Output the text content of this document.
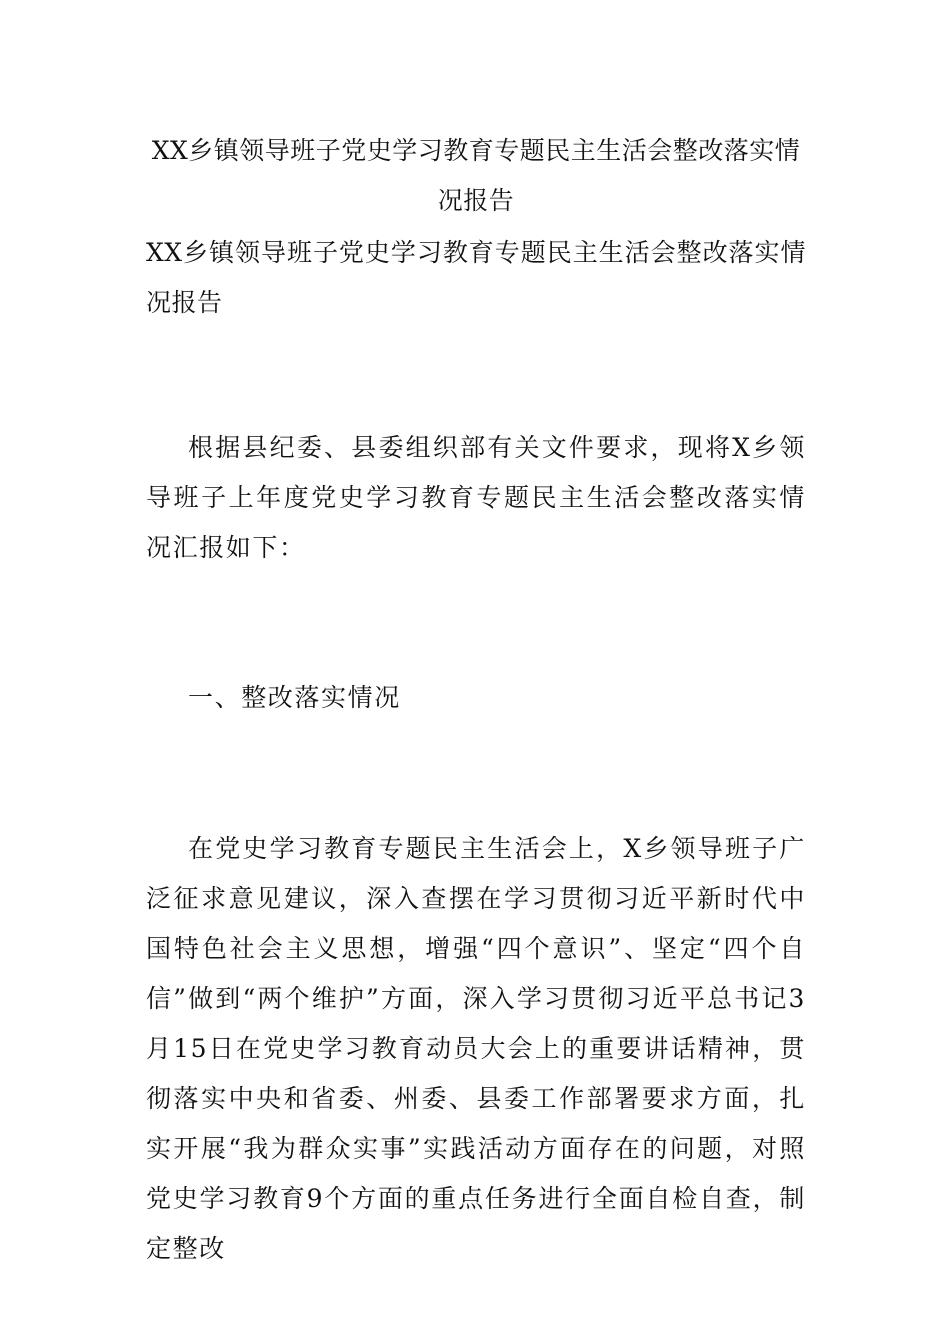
XX乡镇领导班子党史学习教育专题民主生活会整改落实情况报告
XX乡镇领导班子党史学习教育专题民主生活会整改落实情况报告
根据县纪委、县委组织部有关文件要求，现将X乡领导班子上年度党史学习教育专题民主生活会整改落实情况汇报如下：
一、整改落实情况
在党史学习教育专题民主生活会上，X乡领导班子广泛征求意见建议，深入查摆在学习贯彻习近平新时代中国特色社会主义思想，增强“四个意识”、坚定“四个自信”做到“两个维护”方面，深入学习贯彻习近平总书记3月15日在党史学习教育动员大会上的重要讲话精神，贯彻落实中央和省委、州委、县委工作部署要求方面，扎实开展“我为群众实事”实践活动方面存在的问题，对照党史学习教育9个方面的重点任务进行全面自检自查，制定整改
